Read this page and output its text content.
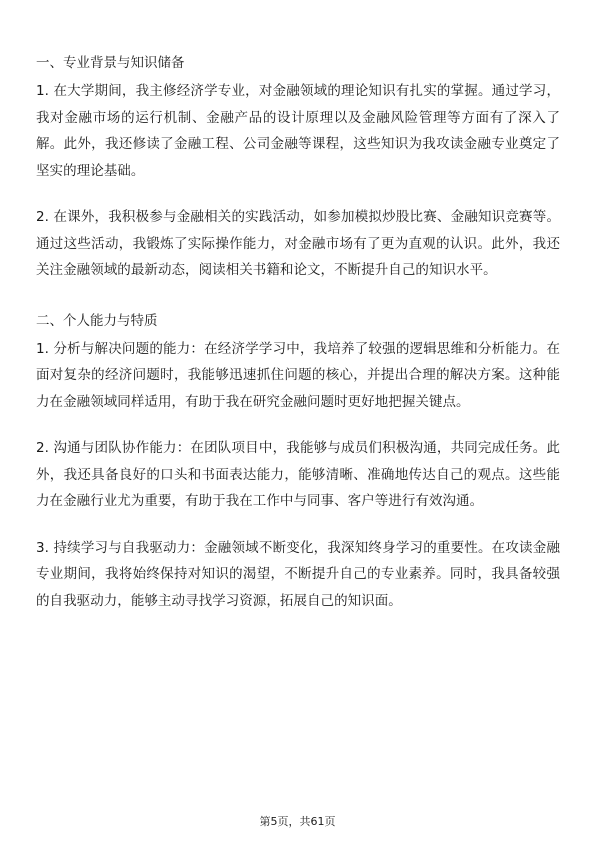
一、专业背景与知识储备

1. 在大学期间，我主修经济学专业，对金融领域的理论知识有扎实的掌握。通过学习，我对金融市场的运行机制、金融产品的设计原理以及金融风险管理等方面有了深入了解。此外，我还修读了金融工程、公司金融等课程，这些知识为我攻读金融专业奠定了坚实的理论基础。

2. 在课外，我积极参与金融相关的实践活动，如参加模拟炒股比赛、金融知识竞赛等。通过这些活动，我锻炼了实际操作能力，对金融市场有了更为直观的认识。此外，我还关注金融领域的最新动态，阅读相关书籍和论文，不断提升自己的知识水平。

二、个人能力与特质

1. 分析与解决问题的能力：在经济学学习中，我培养了较强的逻辑思维和分析能力。在面对复杂的经济问题时，我能够迅速抓住问题的核心，并提出合理的解决方案。这种能力在金融领域同样适用，有助于我在研究金融问题时更好地把握关键点。

2. 沟通与团队协作能力：在团队项目中，我能够与成员们积极沟通，共同完成任务。此外，我还具备良好的口头和书面表达能力，能够清晰、准确地传达自己的观点。这些能力在金融行业尤为重要，有助于我在工作中与同事、客户等进行有效沟通。

3. 持续学习与自我驱动力：金融领域不断变化，我深知终身学习的重要性。在攻读金融专业期间，我将始终保持对知识的渴望，不断提升自己的专业素养。同时，我具备较强的自我驱动力，能够主动寻找学习资源，拓展自己的知识面。

第5页，共61页
